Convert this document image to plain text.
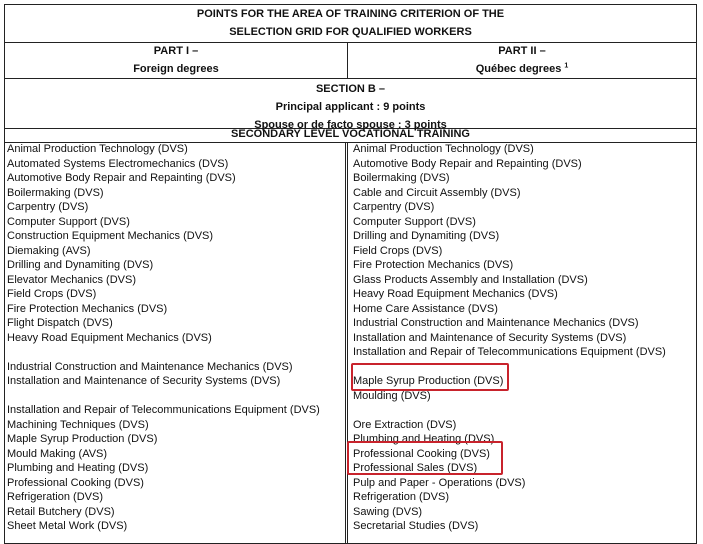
POINTS FOR THE AREA OF TRAINING CRITERION OF THE
SELECTION GRID FOR QUALIFIED WORKERS
PART I –
Foreign degrees
PART II –
Québec degrees $^1$
SECTION B –
Principal applicant : 9 points
Spouse or de facto spouse : 3 points
SECONDARY LEVEL VOCATIONAL TRAINING
Animal Production Technology (DVS)
Automated Systems Electromechanics (DVS)
Automotive Body Repair and Repainting (DVS)
Boilermaking (DVS)
Carpentry (DVS)
Computer Support (DVS)
Construction Equipment Mechanics (DVS)
Diemaking (AVS)
Drilling and Dynamiting (DVS)
Elevator Mechanics (DVS)
Field Crops (DVS)
Fire Protection Mechanics (DVS)
Flight Dispatch (DVS)
Heavy Road Equipment Mechanics (DVS)
Industrial Construction and Maintenance Mechanics (DVS)
Installation and Maintenance of Security Systems (DVS)
Installation and Repair of Telecommunications Equipment (DVS)
Machining Techniques (DVS)
Maple Syrup Production (DVS)
Mould Making (AVS)
Plumbing and Heating (DVS)
Professional Cooking (DVS)
Refrigeration (DVS)
Retail Butchery (DVS)
Sheet Metal Work (DVS)
Animal Production Technology (DVS)
Automotive Body Repair and Repainting (DVS)
Boilermaking (DVS)
Cable and Circuit Assembly (DVS)
Carpentry (DVS)
Computer Support (DVS)
Drilling and Dynamiting (DVS)
Field Crops (DVS)
Fire Protection Mechanics (DVS)
Glass Products Assembly and Installation (DVS)
Heavy Road Equipment Mechanics (DVS)
Home Care Assistance (DVS)
Industrial Construction and Maintenance Mechanics (DVS)
Installation and Maintenance of Security Systems (DVS)
Installation and Repair of Telecommunications Equipment (DVS)
Maple Syrup Production (DVS)
Moulding (DVS)
Ore Extraction (DVS)
Plumbing and Heating (DVS)
Professional Cooking (DVS)
Professional Sales (DVS)
Pulp and Paper - Operations (DVS)
Refrigeration (DVS)
Sawing (DVS)
Secretarial Studies (DVS)
